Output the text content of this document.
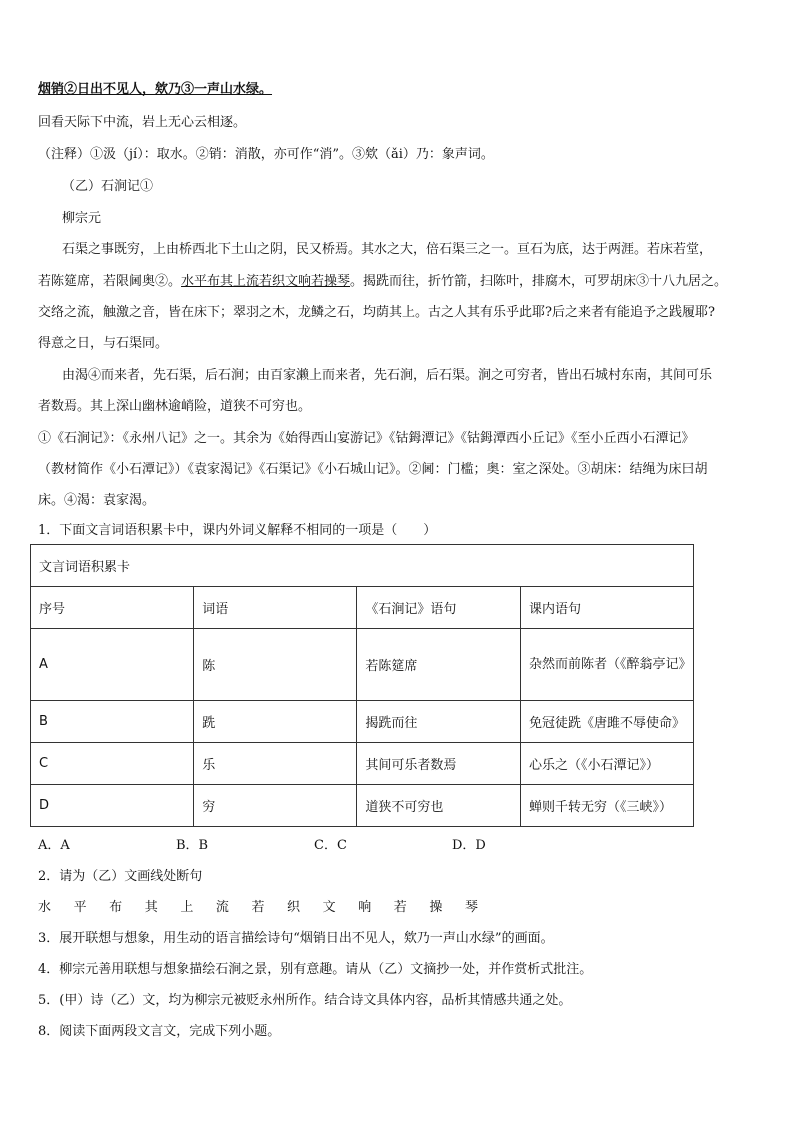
烟销②日出不见人，欸乃③一声山水绿。
回看天际下中流，岩上无心云相逐。
（注释）①汲（jí）：取水。②销：消散，亦可作“消”。③欸（ǎi）乃：象声词。
（乙）石涧记①
柳宗元
石渠之事既穷，上由桥西北下土山之阴，民又桥焉。其水之大，倍石渠三之一。亘石为底，达于两涯。若床若堂，
若陈筵席，若限阃奥②。水平布其上流若织文响若操琴。揭跣而往，折竹箭，扫陈叶，排腐木，可罗胡床③十八九居之。
交络之流，触激之音，皆在床下；翠羽之木，龙鳞之石，均荫其上。古之人其有乐乎此耶?后之来者有能追予之践履耶?
得意之日，与石渠同。
由渴④而来者，先石渠，后石涧；由百家濑上而来者，先石涧，后石渠。涧之可穷者，皆出石城村东南，其间可乐
者数焉。其上深山幽林逾峭险，道狭不可穷也。
①《石涧记》：《永州八记》之一。其余为《始得西山宴游记》《钴鉧潭记》《钴鉧潭西小丘记》《至小丘西小石潭记》
（教材简作《小石潭记》）《袁家渴记》《石渠记》《小石城山记》。②阃：门槛；奥：室之深处。③胡床：结绳为床曰胡
床。④渴：袁家渴。
1．下面文言词语积累卡中，课内外词义解释不相同的一项是（　　）
文言词语积累卡			
序号	词语	《石涧记》语句	课内语句
A	陈	若陈筵席	杂然而前陈者（《醉翁亭记》
B	跣	揭跣而往	免冠徒跣《唐雎不辱使命》
C	乐	其间可乐者数焉	心乐之（《小石潭记》）
D	穷	道狭不可穷也	蝉则千转无穷（《三峡》）
A．A	B．B	C．C	D．D
2．请为（乙）文画线处断句
水 平 布 其 上 流 若 织 文 响 若 操 琴
3．展开联想与想象，用生动的语言描绘诗句“烟销日出不见人，欸乃一声山水绿”的画面。
4．柳宗元善用联想与想象描绘石涧之景，别有意趣。请从（乙）文摘抄一处，并作赏析式批注。
5．(甲）诗（乙）文，均为柳宗元被贬永州所作。结合诗文具体内容，品析其情感共通之处。
8．阅读下面两段文言文，完成下列小题。
